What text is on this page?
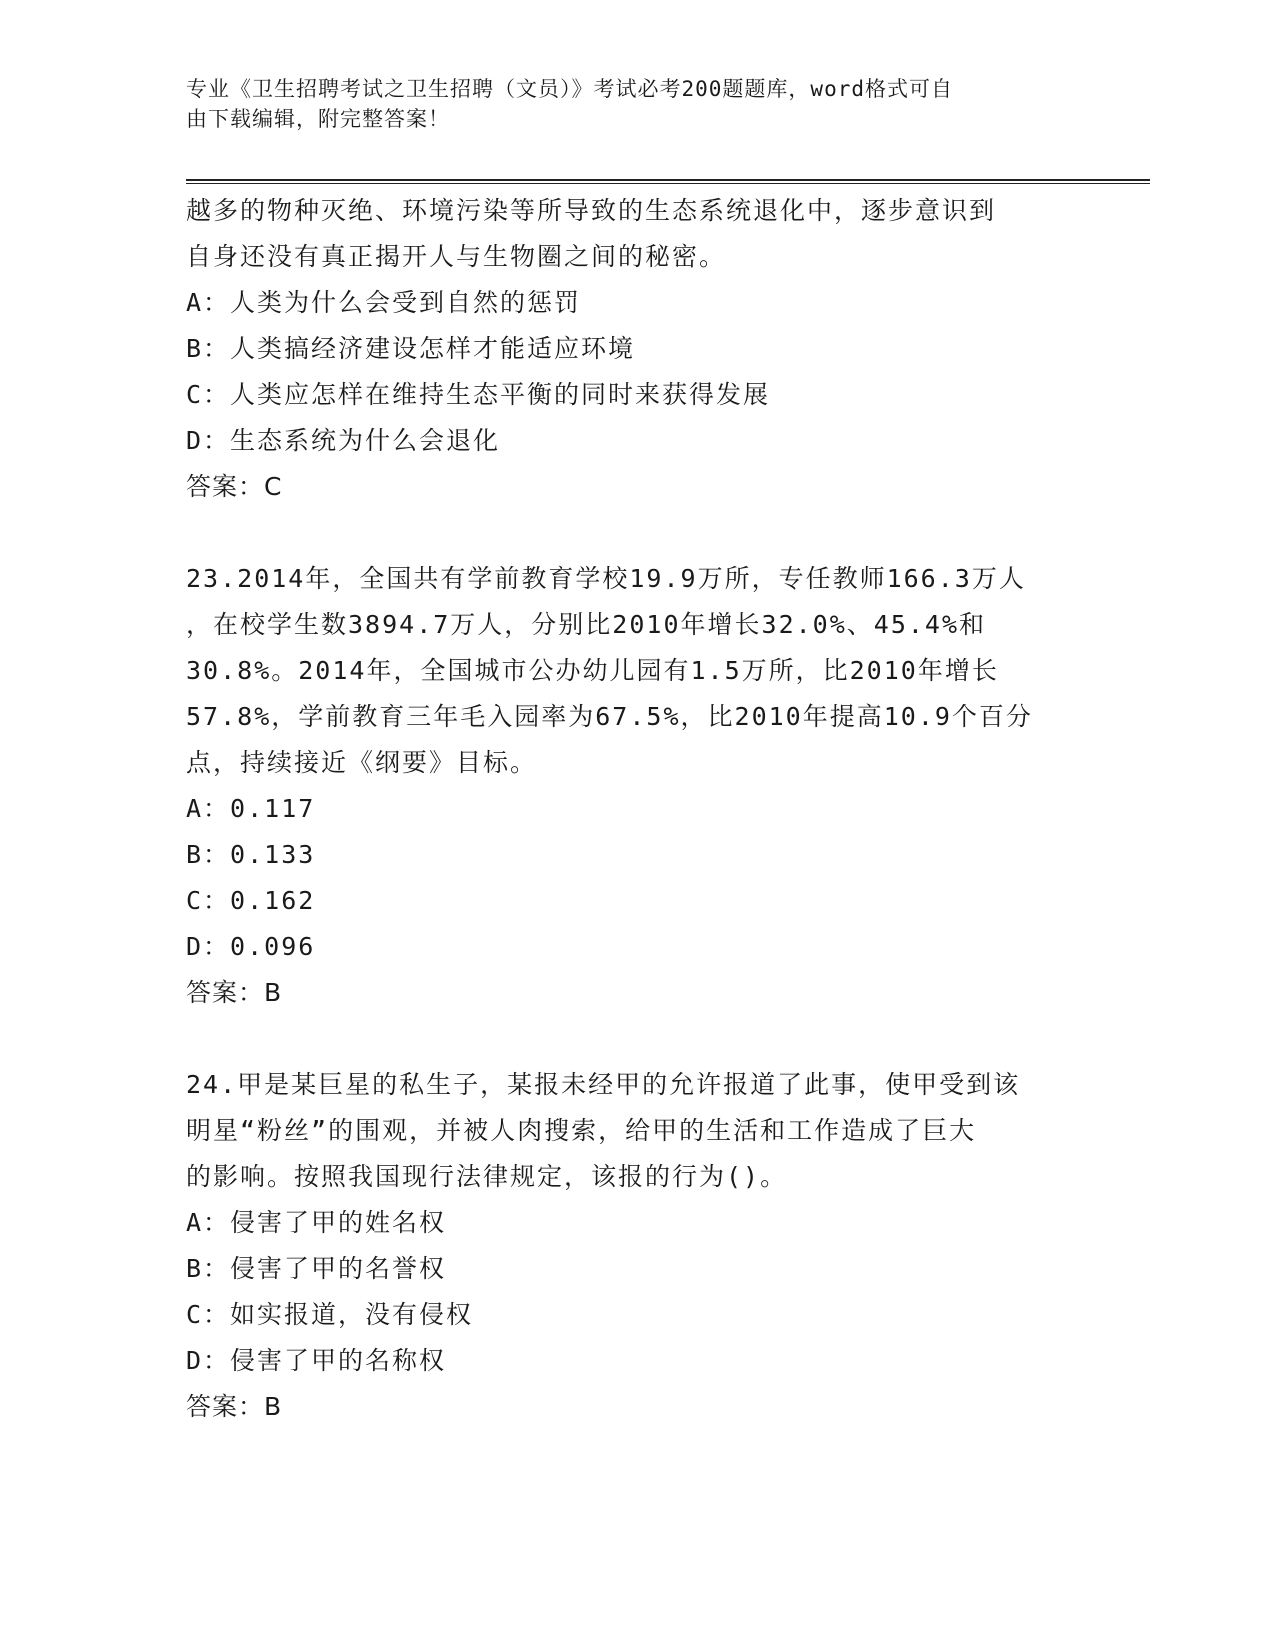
专业《卫生招聘考试之卫生招聘（文员）》考试必考200题题库，word格式可自
由下载编辑，附完整答案！
越多的物种灭绝、环境污染等所导致的生态系统退化中，逐步意识到
自身还没有真正揭开人与生物圈之间的秘密。
A：人类为什么会受到自然的惩罚
B：人类搞经济建设怎样才能适应环境
C：人类应怎样在维持生态平衡的同时来获得发展
D：生态系统为什么会退化
答案：C
23.2014年，全国共有学前教育学校19.9万所，专任教师166.3万人
，在校学生数3894.7万人，分别比2010年增长32.0%、45.4%和
30.8%。2014年，全国城市公办幼儿园有1.5万所，比2010年增长
57.8%，学前教育三年毛入园率为67.5%，比2010年提高10.9个百分
点，持续接近《纲要》目标。
A：0.117
B：0.133
C：0.162
D：0.096
答案：B
24.甲是某巨星的私生子，某报未经甲的允许报道了此事，使甲受到该
明星“粉丝”的围观，并被人肉搜索，给甲的生活和工作造成了巨大
的影响。按照我国现行法律规定，该报的行为()。
A：侵害了甲的姓名权
B：侵害了甲的名誉权
C：如实报道，没有侵权
D：侵害了甲的名称权
答案：B
